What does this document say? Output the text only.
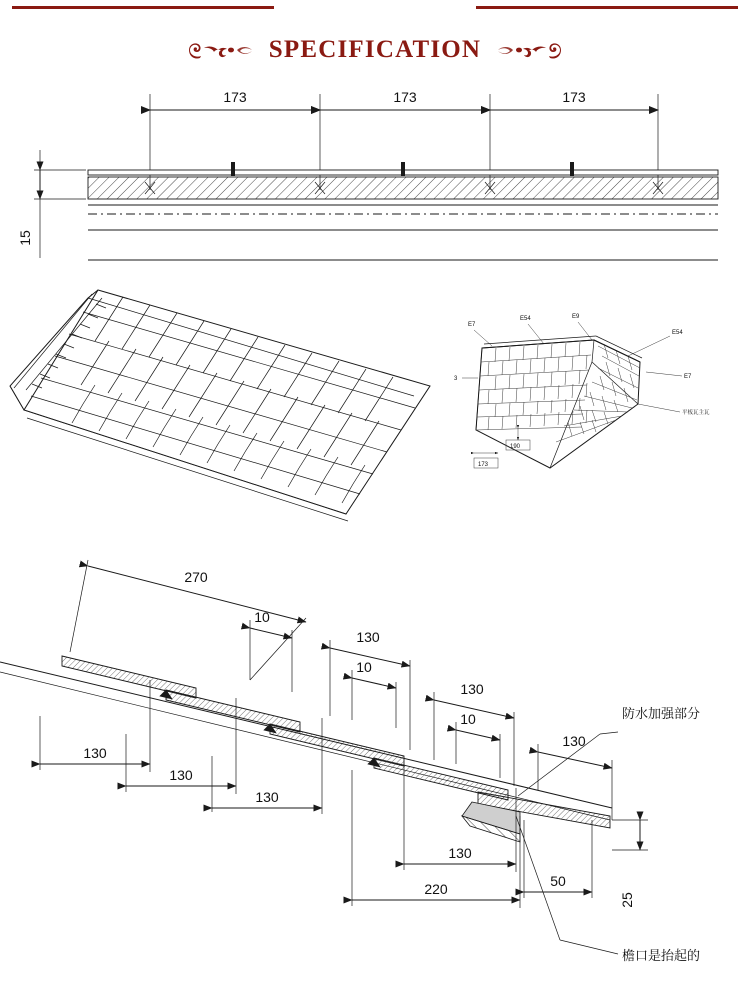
SPECIFICATION
173	173	173
15
E7
E54	E9
E54
E7
平板瓦主瓦
3
190
173
270
10
130
10
130
10
130
130
130
130
130
220	50
25
防水加强部分
檐口是抬起的
